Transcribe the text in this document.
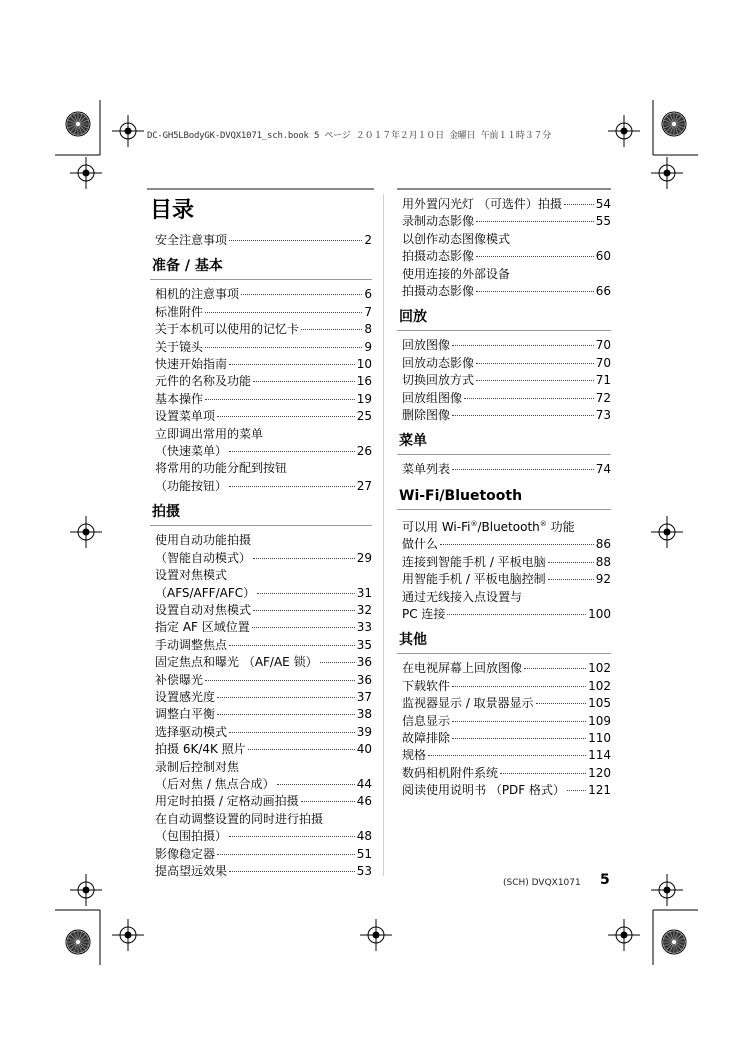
DC-GH5LBodyGK-DVQX1071_sch.book 5 ページ ２０１７年２月１０日 金曜日 午前１１時３７分
目录
安全注意事项	2
准备 / 基本
相机的注意事项	6
标准附件	7
关于本机可以使用的记忆卡	8
关于镜头	9
快速开始指南	10
元件的名称及功能	16
基本操作	19
设置菜单项	25
立即调出常用的菜单
（快速菜单）	26
将常用的功能分配到按钮
（功能按钮）	27
拍摄
使用自动功能拍摄
（智能自动模式）	29
设置对焦模式
（AFS/AFF/AFC）	31
设置自动对焦模式	32
指定 AF 区域位置	33
手动调整焦点	35
固定焦点和曝光 （AF/AE 锁）	36
补偿曝光	36
设置感光度	37
调整白平衡	38
选择驱动模式	39
拍摄 6K/4K 照片	40
录制后控制对焦
（后对焦 / 焦点合成）	44
用定时拍摄 / 定格动画拍摄	46
在自动调整设置的同时进行拍摄
（包围拍摄）	48
影像稳定器	51
提高望远效果	53
用外置闪光灯 （可选件）拍摄	54
录制动态影像	55
以创作动态图像模式
拍摄动态影像	60
使用连接的外部设备
拍摄动态影像	66
回放
回放图像	70
回放动态影像	70
切换回放方式	71
回放组图像	72
删除图像	73
菜单
菜单列表	74
Wi-Fi/Bluetooth
可以用 Wi-Fi®/Bluetooth® 功能
做什么	86
连接到智能手机 / 平板电脑	88
用智能手机 / 平板电脑控制	92
通过无线接入点设置与
PC 连接	100
其他
在电视屏幕上回放图像	102
下载软件	102
监视器显示 / 取景器显示	105
信息显示	109
故障排除	110
规格	114
数码相机附件系统	120
阅读使用说明书 （PDF 格式） 121
(SCH) DVQX1071 5
